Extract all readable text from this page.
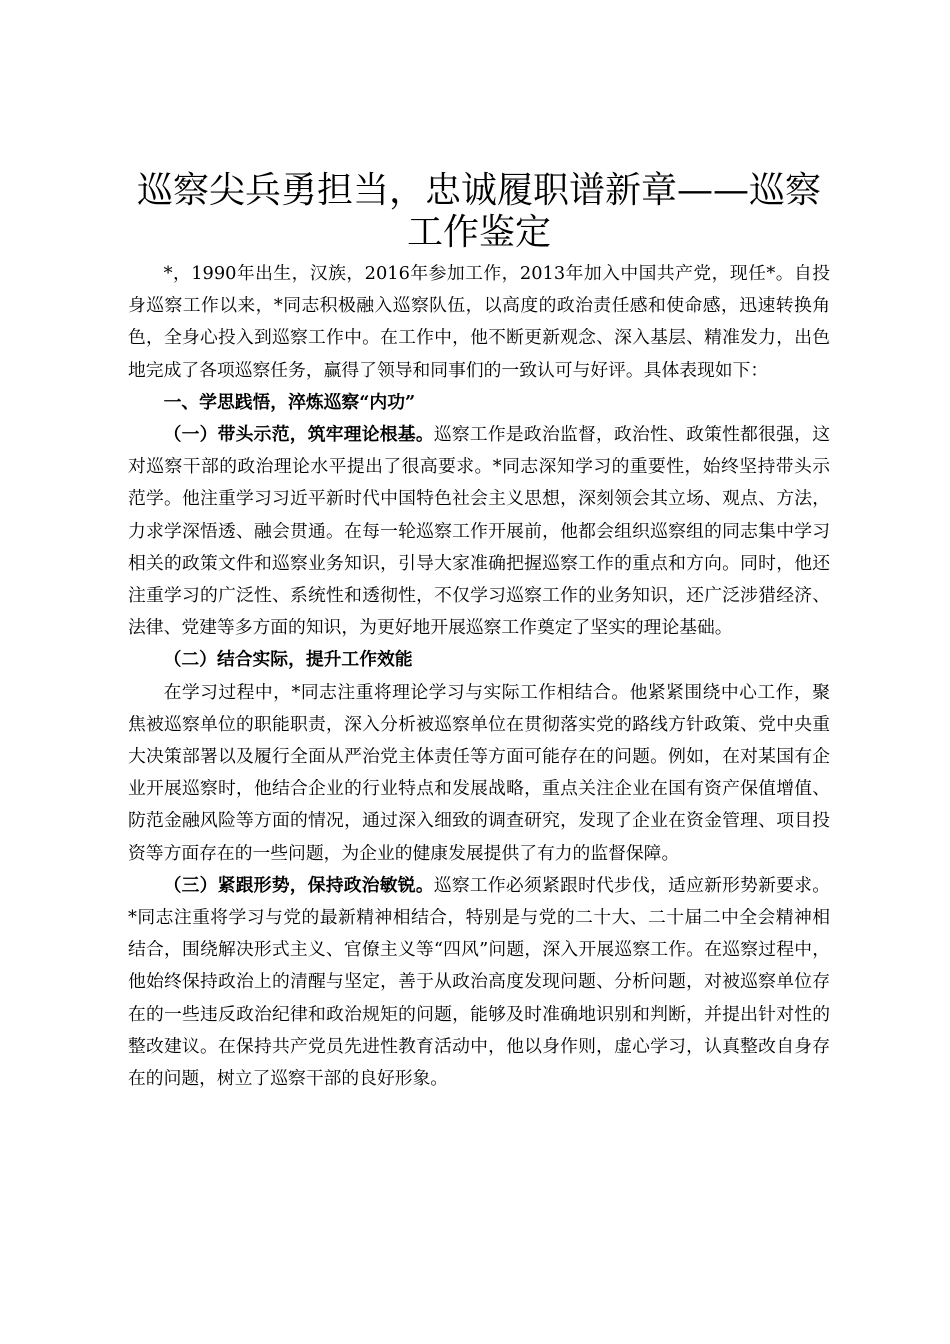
巡察尖兵勇担当，忠诚履职谱新章——巡察工作鉴定

*，1990年出生，汉族，2016年参加工作，2013年加入中国共产党，现任*。自投身巡察工作以来，*同志积极融入巡察队伍，以高度的政治责任感和使命感，迅速转换角色，全身心投入到巡察工作中。在工作中，他不断更新观念、深入基层、精准发力，出色地完成了各项巡察任务，赢得了领导和同事们的一致认可与好评。具体表现如下：

一、学思践悟，淬炼巡察“内功”

（一）带头示范，筑牢理论根基。巡察工作是政治监督，政治性、政策性都很强，这对巡察干部的政治理论水平提出了很高要求。*同志深知学习的重要性，始终坚持带头示范学。他注重学习习近平新时代中国特色社会主义思想，深刻领会其立场、观点、方法，力求学深悟透、融会贯通。在每一轮巡察工作开展前，他都会组织巡察组的同志集中学习相关的政策文件和巡察业务知识，引导大家准确把握巡察工作的重点和方向。同时，他还注重学习的广泛性、系统性和透彻性，不仅学习巡察工作的业务知识，还广泛涉猎经济、法律、党建等多方面的知识，为更好地开展巡察工作奠定了坚实的理论基础。

（二）结合实际，提升工作效能

在学习过程中，*同志注重将理论学习与实际工作相结合。他紧紧围绕中心工作，聚焦被巡察单位的职能职责，深入分析被巡察单位在贯彻落实党的路线方针政策、党中央重大决策部署以及履行全面从严治党主体责任等方面可能存在的问题。例如，在对某国有企业开展巡察时，他结合企业的行业特点和发展战略，重点关注企业在国有资产保值增值、防范金融风险等方面的情况，通过深入细致的调查研究，发现了企业在资金管理、项目投资等方面存在的一些问题，为企业的健康发展提供了有力的监督保障。

（三）紧跟形势，保持政治敏锐。巡察工作必须紧跟时代步伐，适应新形势新要求。*同志注重将学习与党的最新精神相结合，特别是与党的二十大、二十届二中全会精神相结合，围绕解决形式主义、官僚主义等“四风”问题，深入开展巡察工作。在巡察过程中，他始终保持政治上的清醒与坚定，善于从政治高度发现问题、分析问题，对被巡察单位存在的一些违反政治纪律和政治规矩的问题，能够及时准确地识别和判断，并提出针对性的整改建议。在保持共产党员先进性教育活动中，他以身作则，虚心学习，认真整改自身存在的问题，树立了巡察干部的良好形象。
